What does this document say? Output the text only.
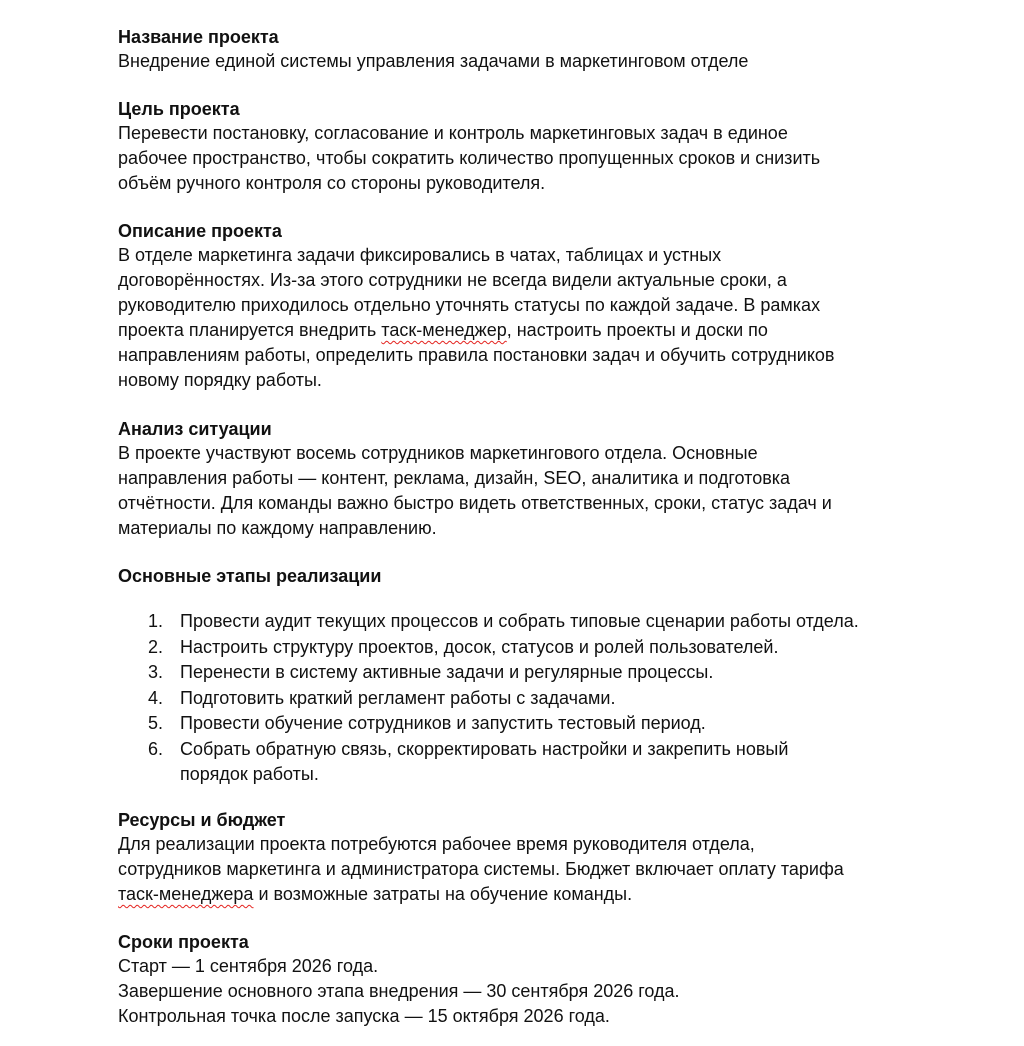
Название проекта
Внедрение единой системы управления задачами в маркетинговом отделе
Цель проекта
Перевести постановку, согласование и контроль маркетинговых задач в единое
рабочее пространство, чтобы сократить количество пропущенных сроков и снизить
объём ручного контроля со стороны руководителя.
Описание проекта
В отделе маркетинга задачи фиксировались в чатах, таблицах и устных
договорённостях. Из-за этого сотрудники не всегда видели актуальные сроки, а
руководителю приходилось отдельно уточнять статусы по каждой задаче. В рамках
проекта планируется внедрить таск-менеджер, настроить проекты и доски по
направлениям работы, определить правила постановки задач и обучить сотрудников
новому порядку работы.
Анализ ситуации
В проекте участвуют восемь сотрудников маркетингового отдела. Основные
направления работы — контент, реклама, дизайн, SEO, аналитика и подготовка
отчётности. Для команды важно быстро видеть ответственных, сроки, статус задач и
материалы по каждому направлению.
Основные этапы реализации
1. Провести аудит текущих процессов и собрать типовые сценарии работы отдела.
2. Настроить структуру проектов, досок, статусов и ролей пользователей.
3. Перенести в систему активные задачи и регулярные процессы.
4. Подготовить краткий регламент работы с задачами.
5. Провести обучение сотрудников и запустить тестовый период.
6. Собрать обратную связь, скорректировать настройки и закрепить новый
порядок работы.
Ресурсы и бюджет
Для реализации проекта потребуются рабочее время руководителя отдела,
сотрудников маркетинга и администратора системы. Бюджет включает оплату тарифа
таск-менеджера и возможные затраты на обучение команды.
Сроки проекта
Старт — 1 сентября 2026 года.
Завершение основного этапа внедрения — 30 сентября 2026 года.
Контрольная точка после запуска — 15 октября 2026 года.
